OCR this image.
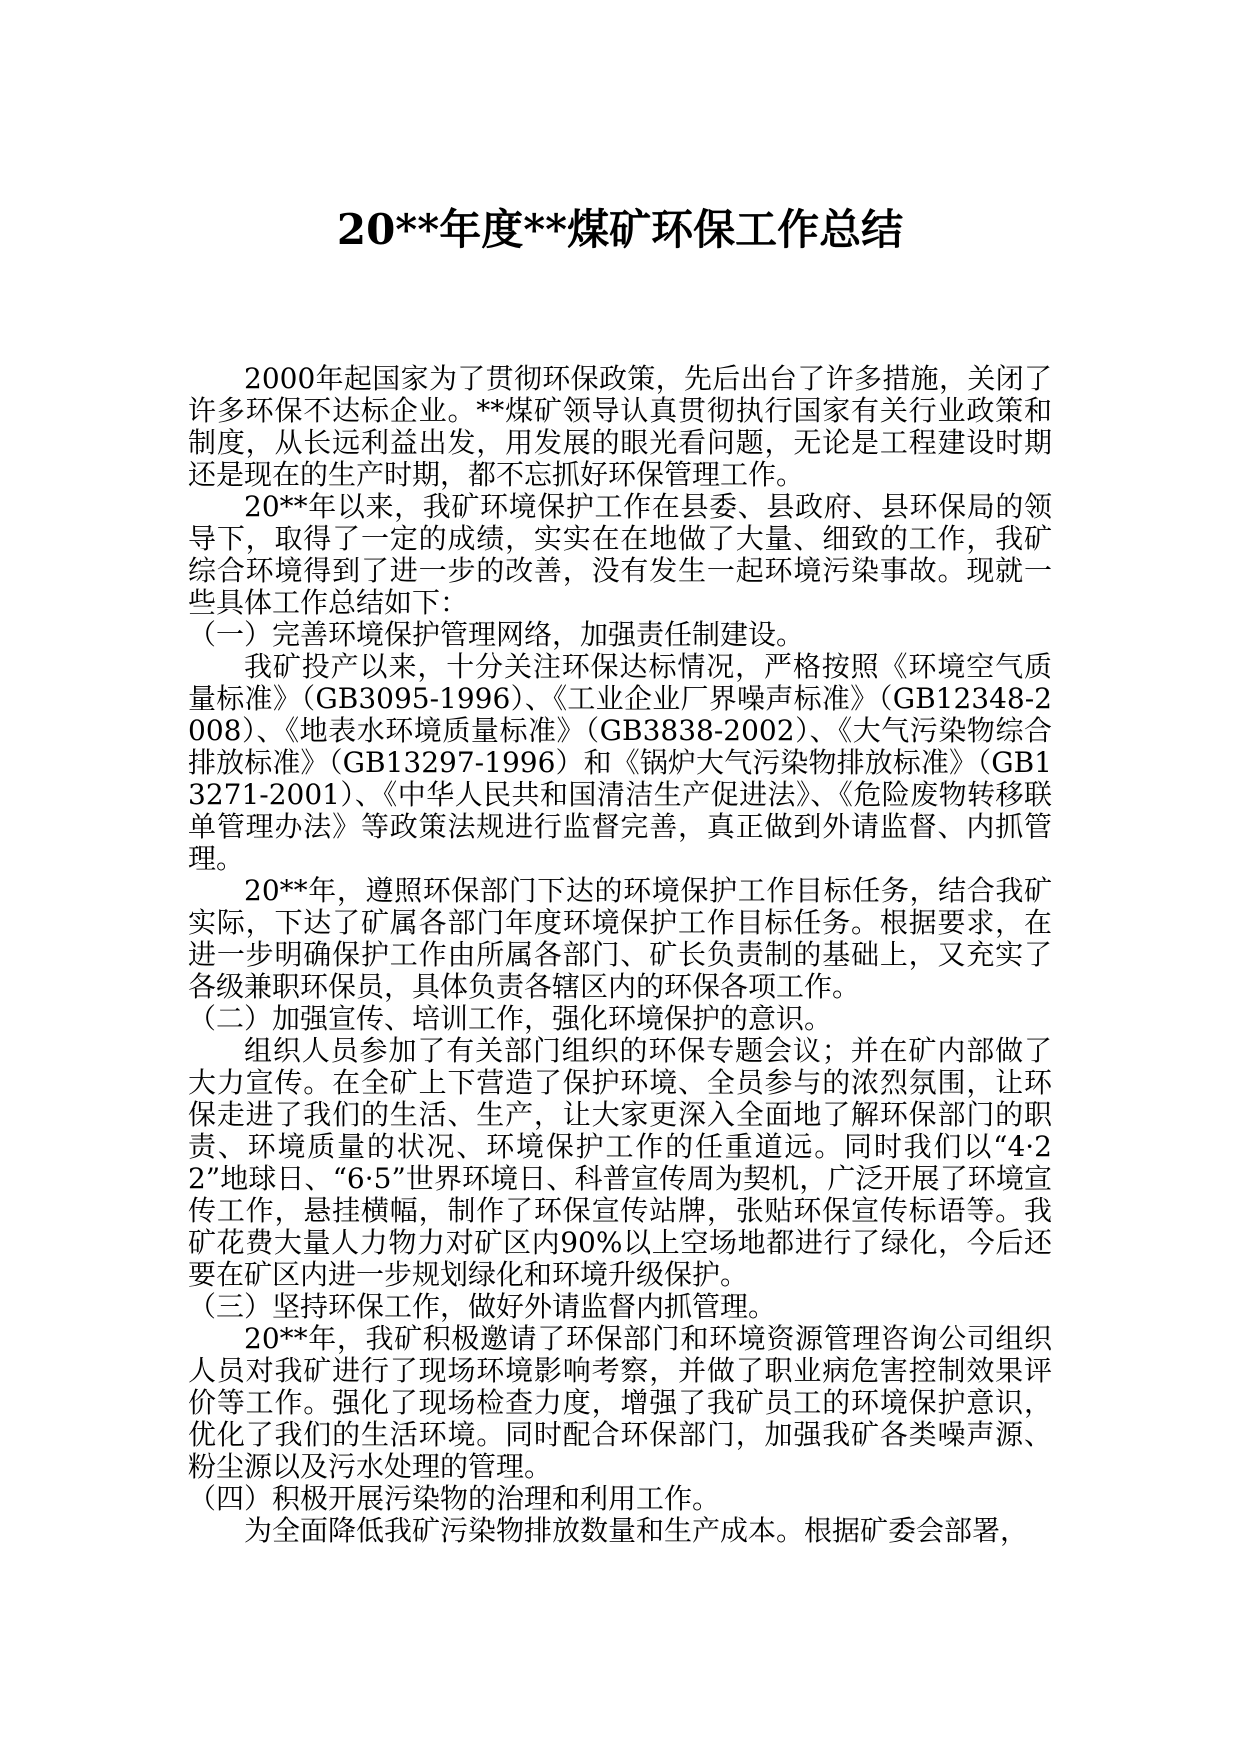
20**年度**煤矿环保工作总结

2000年起国家为了贯彻环保政策，先后出台了许多措施，关闭了许多环保不达标企业。**煤矿领导认真贯彻执行国家有关行业政策和制度，从长远利益出发，用发展的眼光看问题，无论是工程建设时期还是现在的生产时期，都不忘抓好环保管理工作。

20**年以来，我矿环境保护工作在县委、县政府、县环保局的领导下，取得了一定的成绩，实实在在地做了大量、细致的工作，我矿综合环境得到了进一步的改善，没有发生一起环境污染事故。现就一些具体工作总结如下：

（一）完善环境保护管理网络，加强责任制建设。

我矿投产以来，十分关注环保达标情况，严格按照《环境空气质量标准》（GB3095-1996）、《工业企业厂界噪声标准》（GB12348-2008）、《地表水环境质量标准》（GB3838-2002）、《大气污染物综合排放标准》（GB13297-1996）和《锅炉大气污染物排放标准》（GB13271-2001）、《中华人民共和国清洁生产促进法》、《危险废物转移联单管理办法》等政策法规进行监督完善，真正做到外请监督、内抓管理。

20**年，遵照环保部门下达的环境保护工作目标任务，结合我矿实际，下达了矿属各部门年度环境保护工作目标任务。根据要求，在进一步明确保护工作由所属各部门、矿长负责制的基础上，又充实了各级兼职环保员，具体负责各辖区内的环保各项工作。

（二）加强宣传、培训工作，强化环境保护的意识。

组织人员参加了有关部门组织的环保专题会议；并在矿内部做了大力宣传。在全矿上下营造了保护环境、全员参与的浓烈氛围，让环保走进了我们的生活、生产，让大家更深入全面地了解环保部门的职责、环境质量的状况、环境保护工作的任重道远。同时我们以“4·22”地球日、“6·5”世界环境日、科普宣传周为契机，广泛开展了环境宣传工作，悬挂横幅，制作了环保宣传站牌，张贴环保宣传标语等。我矿花费大量人力物力对矿区内90%以上空场地都进行了绿化，今后还要在矿区内进一步规划绿化和环境升级保护。

（三）坚持环保工作，做好外请监督内抓管理。

20**年，我矿积极邀请了环保部门和环境资源管理咨询公司组织人员对我矿进行了现场环境影响考察，并做了职业病危害控制效果评价等工作。强化了现场检查力度，增强了我矿员工的环境保护意识，优化了我们的生活环境。同时配合环保部门，加强我矿各类噪声源、粉尘源以及污水处理的管理。

（四）积极开展污染物的治理和利用工作。

为全面降低我矿污染物排放数量和生产成本。根据矿委会部署，
